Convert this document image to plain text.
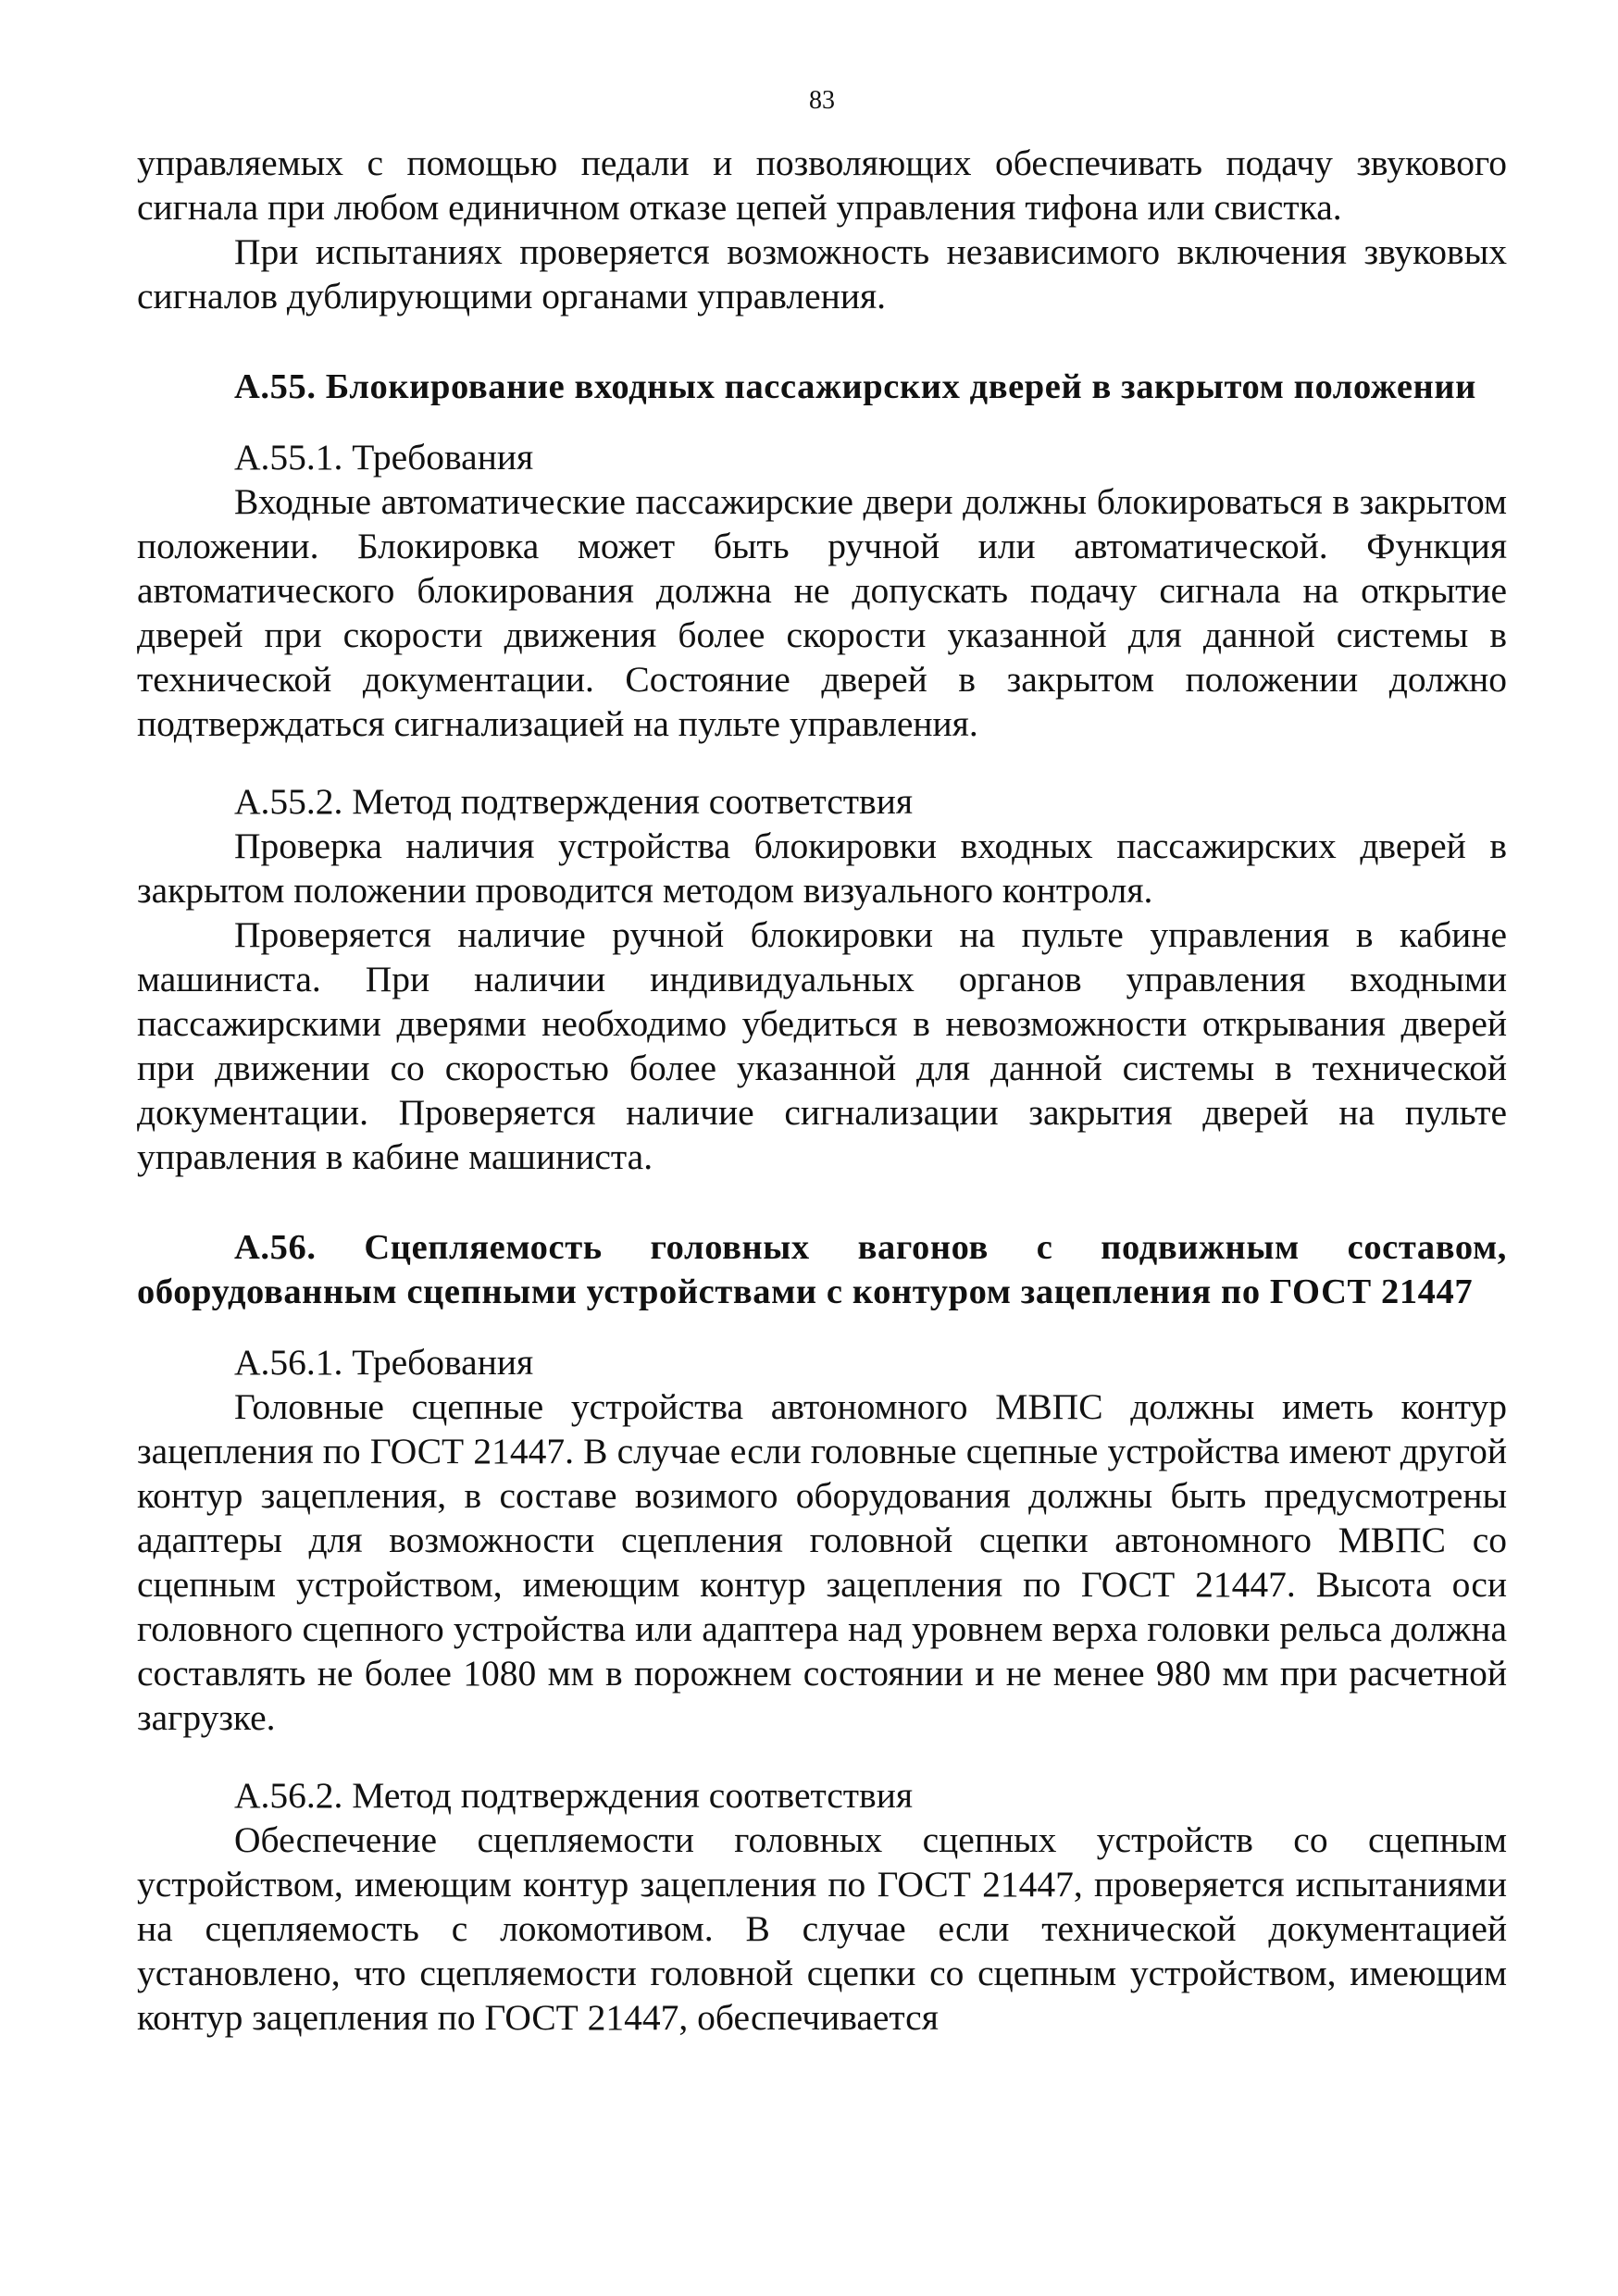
83

управляемых с помощью педали и позволяющих обеспечивать подачу звукового сигнала при любом единичном отказе цепей управления тифона или свистка.

При испытаниях проверяется возможность независимого включения звуковых сигналов дублирующими органами управления.

А.55. Блокирование входных пассажирских дверей в закрытом положении

А.55.1. Требования

Входные автоматические пассажирские двери должны блокироваться в закрытом положении. Блокировка может быть ручной или автоматической. Функция автоматического блокирования должна не допускать подачу сигнала на открытие дверей при скорости движения более скорости указанной для данной системы в технической документации. Состояние дверей в закрытом положении должно подтверждаться сигнализацией на пульте управления.

А.55.2. Метод подтверждения соответствия

Проверка наличия устройства блокировки входных пассажирских дверей в закрытом положении проводится методом визуального контроля.

Проверяется наличие ручной блокировки на пульте управления в кабине машиниста. При наличии индивидуальных органов управления входными пассажирскими дверями необходимо убедиться в невозможности открывания дверей при движении со скоростью более указанной для данной системы в технической документации. Проверяется наличие сигнализации закрытия дверей на пульте управления в кабине машиниста.

А.56. Сцепляемость головных вагонов с подвижным составом, оборудованным сцепными устройствами с контуром зацепления по ГОСТ 21447

А.56.1. Требования

Головные сцепные устройства автономного МВПС должны иметь контур зацепления по ГОСТ 21447. В случае если головные сцепные устройства имеют другой контур зацепления, в составе возимого оборудования должны быть предусмотрены адаптеры для возможности сцепления головной сцепки автономного МВПС со сцепным устройством, имеющим контур зацепления по ГОСТ 21447. Высота оси головного сцепного устройства или адаптера над уровнем верха головки рельса должна составлять не более 1080 мм в порожнем состоянии и не менее 980 мм при расчетной загрузке.

А.56.2. Метод подтверждения соответствия

Обеспечение сцепляемости головных сцепных устройств со сцепным устройством, имеющим контур зацепления по ГОСТ 21447, проверяется испытаниями на сцепляемость с локомотивом. В случае если технической документацией установлено, что сцепляемости головной сцепки со сцепным устройством, имеющим контур зацепления по ГОСТ 21447, обеспечивается
